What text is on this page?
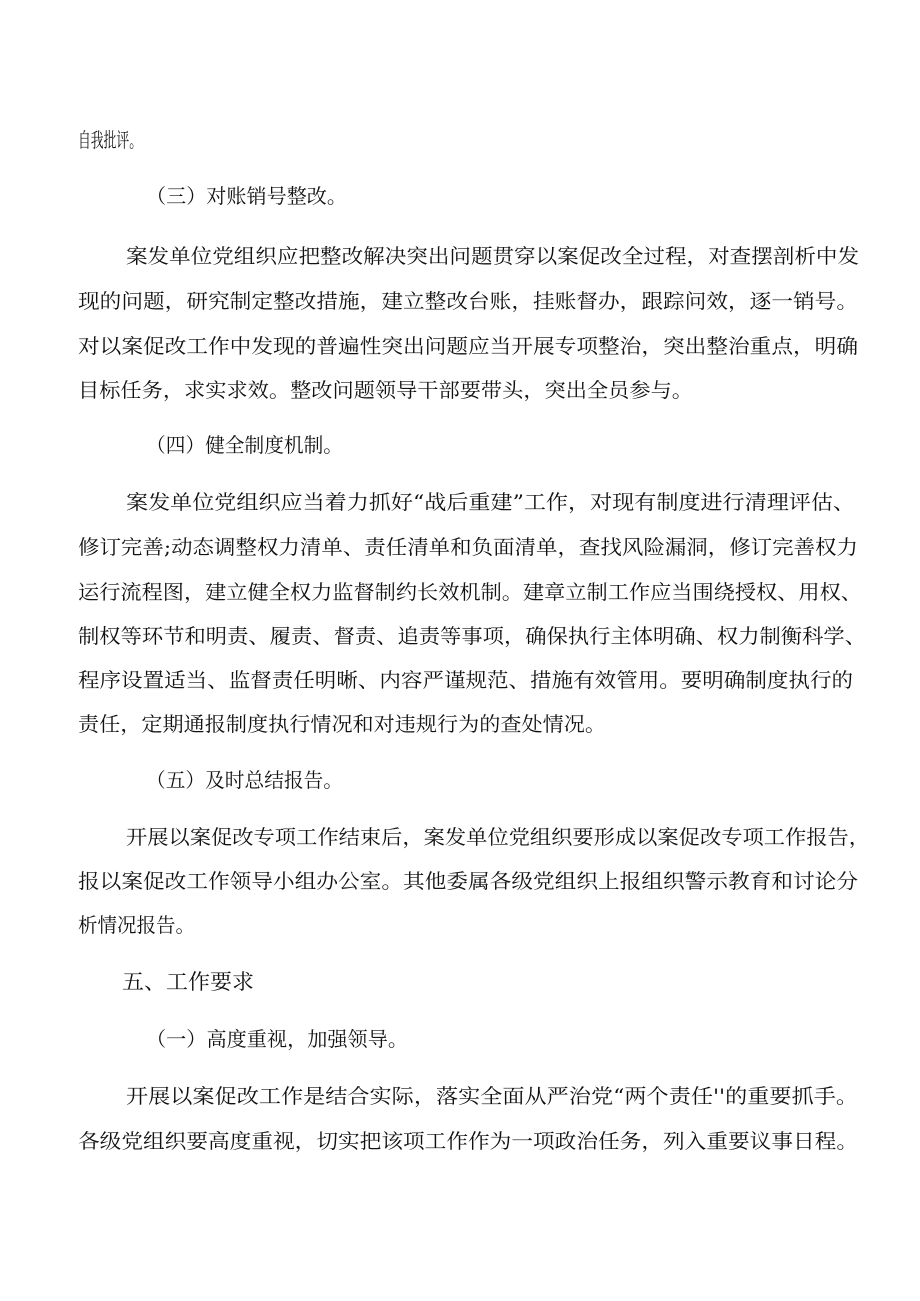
自我批评。
（三）对账销号整改。
案发单位党组织应把整改解决突出问题贯穿以案促改全过程，对查摆剖析中发
现的问题，研究制定整改措施，建立整改台账，挂账督办，跟踪问效，逐一销号。
对以案促改工作中发现的普遍性突出问题应当开展专项整治，突出整治重点，明确
目标任务，求实求效。整改问题领导干部要带头，突出全员参与。
（四）健全制度机制。
案发单位党组织应当着力抓好“战后重建”工作，对现有制度进行清理评估、
修订完善;动态调整权力清单、责任清单和负面清单，查找风险漏洞，修订完善权力
运行流程图，建立健全权力监督制约长效机制。建章立制工作应当围绕授权、用权、
制权等环节和明责、履责、督责、追责等事项，确保执行主体明确、权力制衡科学、
程序设置适当、监督责任明晰、内容严谨规范、措施有效管用。要明确制度执行的
责任，定期通报制度执行情况和对违规行为的查处情况。
（五）及时总结报告。
开展以案促改专项工作结束后，案发单位党组织要形成以案促改专项工作报告，
报以案促改工作领导小组办公室。其他委属各级党组织上报组织警示教育和讨论分
析情况报告。
五、工作要求
（一）高度重视，加强领导。
开展以案促改工作是结合实际，落实全面从严治党“两个责任''的重要抓手。
各级党组织要高度重视，切实把该项工作作为一项政治任务，列入重要议事日程。
